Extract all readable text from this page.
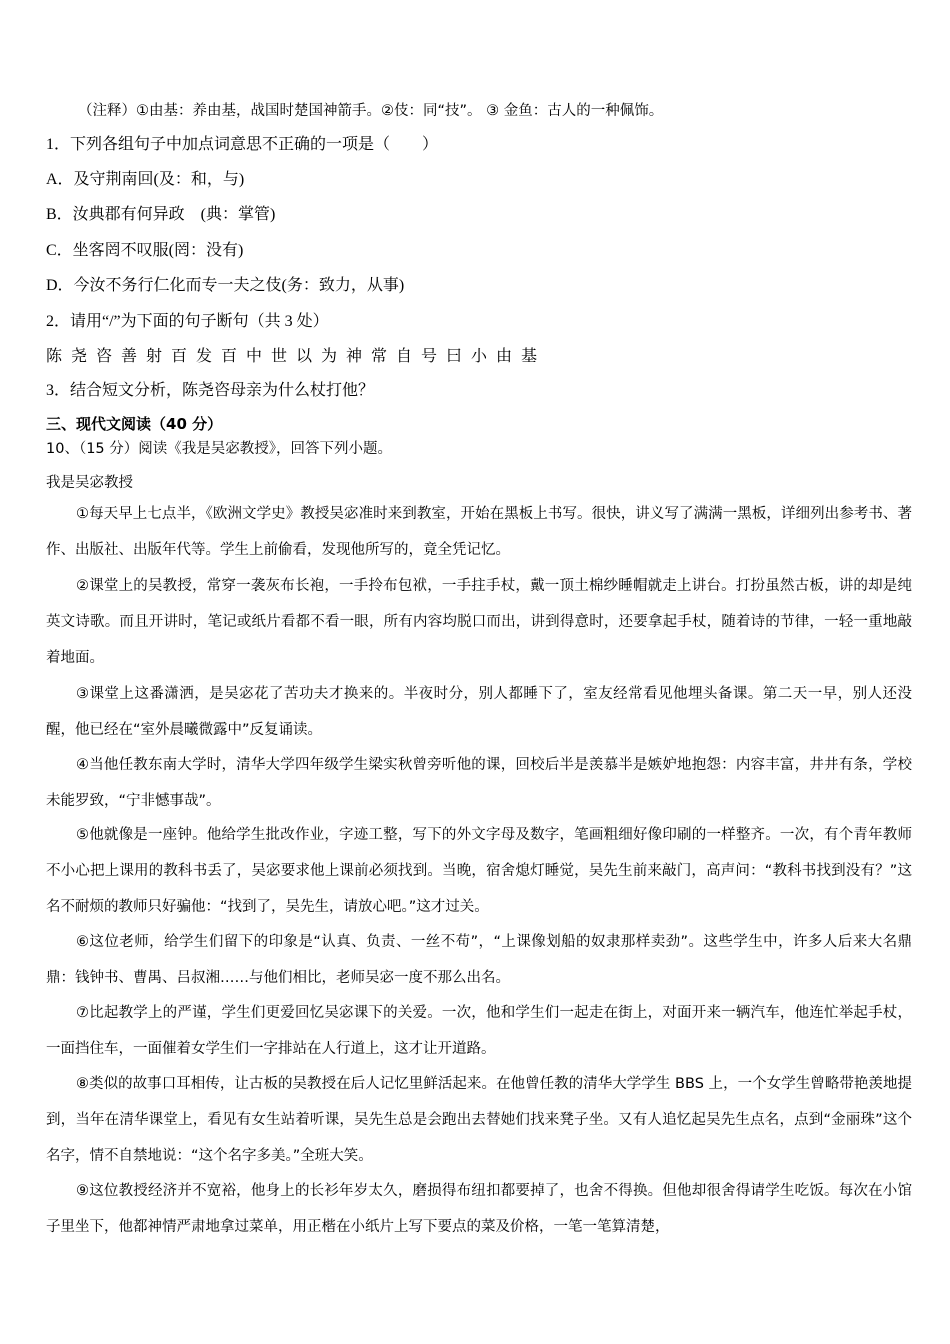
（注释）①由基：养由基，战国时楚国神箭手。②伎：同“技”。 ③ 金鱼：古人的一种佩饰。
1．下列各组句子中加点词意思不正确的一项是（　　）
A．及守荆南回(及：和，与)
B．汝典郡有何异政　(典：掌管)
C．坐客罔不叹服(罔：没有)
D．今汝不务行仁化而专一夫之伎(务：致力，从事)
2．请用“/”为下面的句子断句（共 3 处）
陈尧咨善射百发百中世以为神常自号曰小由基
3．结合短文分析，陈尧咨母亲为什么杖打他？
三、现代文阅读（40 分）
10、（15 分）阅读《我是吴宓教授》，回答下列小题。
我是吴宓教授
①每天早上七点半，《欧洲文学史》教授吴宓准时来到教室，开始在黑板上书写。很快，讲义写了满满一黑板，详细列出参考书、著作、出版社、出版年代等。学生上前偷看，发现他所写的，竟全凭记忆。
②课堂上的吴教授，常穿一袭灰布长袍，一手拎布包袱，一手拄手杖，戴一顶土棉纱睡帽就走上讲台。打扮虽然古板，讲的却是纯英文诗歌。而且开讲时，笔记或纸片看都不看一眼，所有内容均脱口而出，讲到得意时，还要拿起手杖，随着诗的节律，一轻一重地敲着地面。
③课堂上这番潇洒，是吴宓花了苦功夫才换来的。半夜时分，别人都睡下了，室友经常看见他埋头备课。第二天一早，别人还没醒，他已经在“室外晨曦微露中”反复诵读。
④当他任教东南大学时，清华大学四年级学生梁实秋曾旁听他的课，回校后半是羡慕半是嫉妒地抱怨：内容丰富，井井有条，学校未能罗致，“宁非憾事哉”。
⑤他就像是一座钟。他给学生批改作业，字迹工整，写下的外文字母及数字，笔画粗细好像印刷的一样整齐。一次，有个青年教师不小心把上课用的教科书丢了，吴宓要求他上课前必须找到。当晚，宿舍熄灯睡觉，吴先生前来敲门，高声问：“教科书找到没有？”这名不耐烦的教师只好骗他：“找到了，吴先生，请放心吧。”这才过关。
⑥这位老师，给学生们留下的印象是“认真、负责、一丝不苟”，“上课像划船的奴隶那样卖劲”。这些学生中，许多人后来大名鼎鼎：钱钟书、曹禺、吕叔湘……与他们相比，老师吴宓一度不那么出名。
⑦比起教学上的严谨，学生们更爱回忆吴宓课下的关爱。一次，他和学生们一起走在街上，对面开来一辆汽车，他连忙举起手杖，一面挡住车，一面催着女学生们一字排站在人行道上，这才让开道路。
⑧类似的故事口耳相传，让古板的吴教授在后人记忆里鲜活起来。在他曾任教的清华大学学生 BBS 上，一个女学生曾略带艳羡地提到，当年在清华课堂上，看见有女生站着听课，吴先生总是会跑出去替她们找来凳子坐。又有人追忆起吴先生点名，点到“金丽珠”这个名字，情不自禁地说：“这个名字多美。”全班大笑。
⑨这位教授经济并不宽裕，他身上的长衫年岁太久，磨损得布纽扣都要掉了，也舍不得换。但他却很舍得请学生吃饭。每次在小馆子里坐下，他都神情严肃地拿过菜单，用正楷在小纸片上写下要点的菜及价格，一笔一笔算清楚，
